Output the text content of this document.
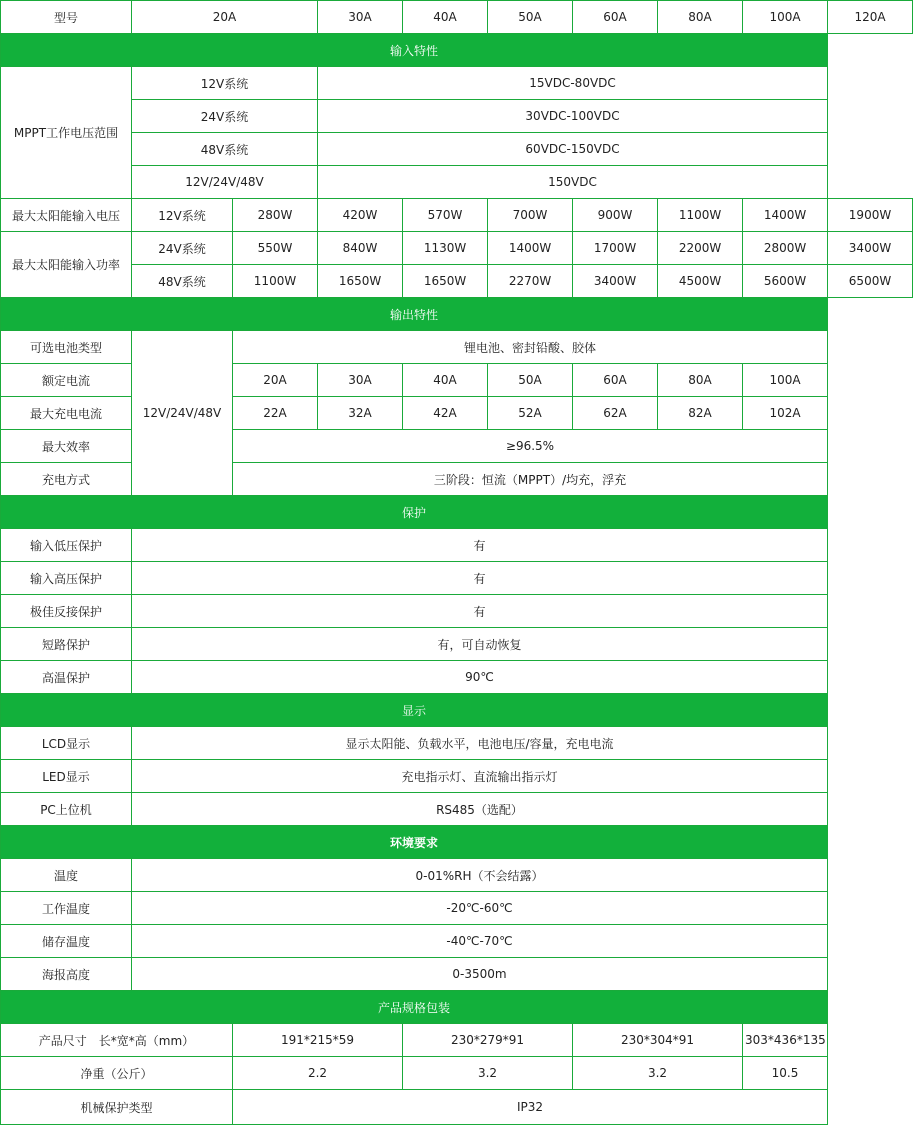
型号	20A		30A	40A	50A	60A	80A	100A	120A
输入特性									
MPPT工作电压范围	12V系统		15VDC-80VDC						
	24V系统		30VDC-100VDC						
	48V系统		60VDC-150VDC						
	12V/24V/48V		150VDC						
最大太阳能输入电压	12V系统	280W	420W	570W	700W	900W	1100W	1400W	1900W
最大太阳能输入功率	24V系统	550W	840W	1130W	1400W	1700W	2200W	2800W	3400W
	48V系统	1100W	1650W	1650W	2270W	3400W	4500W	5600W	6500W
输出特性									
可选电池类型	12V/24V/48V	锂电池、密封铅酸、胶体							
额定电流		20A	30A	40A	50A	60A	80A	100A	
最大充电电流		22A	32A	42A	52A	62A	82A	102A	
最大效率		≥96.5%							
充电方式		三阶段：恒流（MPPT）/均充，浮充							
保护									
输入低压保护	有								
输入高压保护	有								
极佳反接保护	有								
短路保护	有，可自动恢复								
高温保护	90℃								
显示									
LCD显示	显示太阳能、负载水平，电池电压/容量，充电电流								
LED显示	充电指示灯、直流输出指示灯								
PC上位机	RS485（选配）								
环境要求									
温度	0-01%RH（不会结露）								
工作温度	-20℃-60℃								
储存温度	-40℃-70℃								
海报高度	0-3500m								
产品规格包装									
产品尺寸　长*宽*高（mm）		191*215*59		230*279*91		230*304*91		303*436*135	
净重（公斤）		2.2		3.2		3.2		10.5	
机械保护类型		IP32							
